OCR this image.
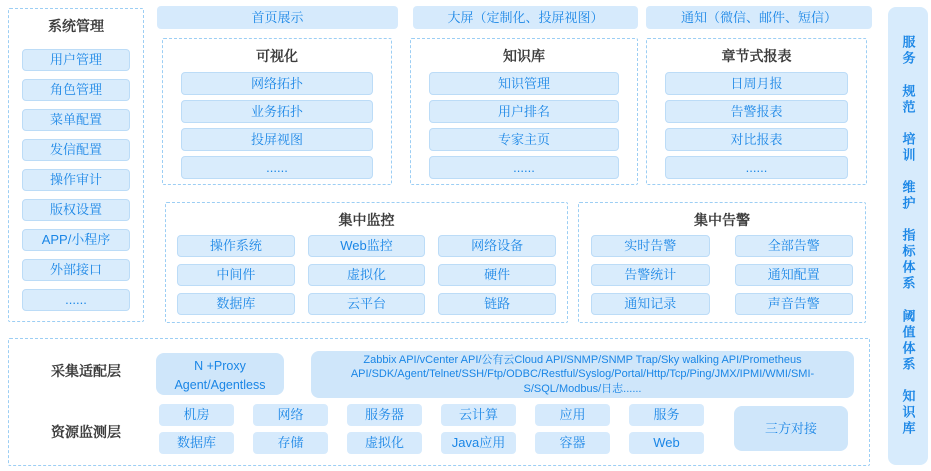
系统管理
用户管理
角色管理
菜单配置
发信配置
操作审计
版权设置
APP/小程序
外部接口
......
首页展示	大屏（定制化、投屏视图）	通知（微信、邮件、短信）
可视化
网络拓扑
业务拓扑
投屏视图
......
知识库
知识管理
用户排名
专家主页
......
章节式报表
日周月报
告警报表
对比报表
......
集中监控
操作系统	Web监控	网络设备
中间件	虚拟化	硬件
数据库	云平台	链路
集中告警
实时告警	全部告警
告警统计	通知配置
通知记录	声音告警
采集适配层	N +Proxy
Agent/Agentless
Zabbix API/vCenter API/公有云Cloud API/SNMP/SNMP Trap/Sky walking API/Prometheus API/SDK/Agent/Telnet/SSH/Ftp/ODBC/Restful/Syslog/Portal/Http/Tcp/Ping/JMX/IPMI/WMI/SMI-S/SQL/Modbus/日志......
资源监测层
机房	网络	服务器	云计算	应用	服务
数据库	存储	虚拟化	Java应用	容器	Web
三方对接
服务
规范
培训
维护
指标体系
阈值体系
知识库
